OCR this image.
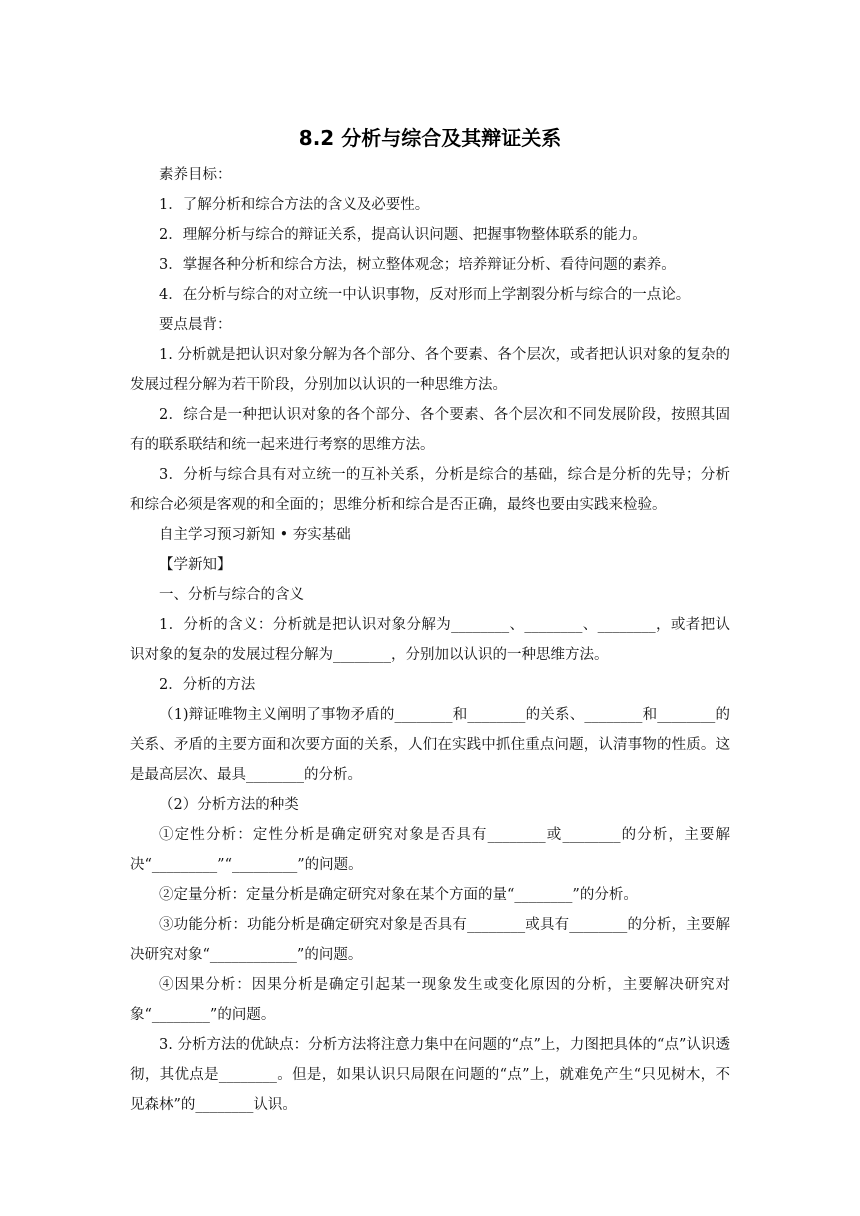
8.2 分析与综合及其辩证关系

素养目标：

1．了解分析和综合方法的含义及必要性。

2．理解分析与综合的辩证关系，提高认识问题、把握事物整体联系的能力。

3．掌握各种分析和综合方法，树立整体观念；培养辩证分析、看待问题的素养。

4．在分析与综合的对立统一中认识事物，反对形而上学割裂分析与综合的一点论。

要点晨背：

1. 分析就是把认识对象分解为各个部分、各个要素、各个层次，或者把认识对象的复杂的发展过程分解为若干阶段，分别加以认识的一种思维方法。

2．综合是一种把认识对象的各个部分、各个要素、各个层次和不同发展阶段，按照其固有的联系联结和统一起来进行考察的思维方法。

3．分析与综合具有对立统一的互补关系，分析是综合的基础，综合是分析的先导；分析和综合必须是客观的和全面的；思维分析和综合是否正确，最终也要由实践来检验。

自主学习预习新知 • 夯实基础

【学新知】

一、分析与综合的含义

1．分析的含义：分析就是把认识对象分解为________、________、________，或者把认识对象的复杂的发展过程分解为________，分别加以认识的一种思维方法。

2．分析的方法

（1)辩证唯物主义阐明了事物矛盾的________和________的关系、________和________的关系、矛盾的主要方面和次要方面的关系，人们在实践中抓住重点问题，认清事物的性质。这是最高层次、最具________的分析。

（2）分析方法的种类

①定性分析：定性分析是确定研究对象是否具有________或________的分析，主要解决“_________”“_________”的问题。

②定量分析：定量分析是确定研究对象在某个方面的量“________”的分析。

③功能分析：功能分析是确定研究对象是否具有________或具有________的分析，主要解决研究对象“____________”的问题。

④因果分析：因果分析是确定引起某一现象发生或变化原因的分析，主要解决研究对象“________”的问题。

3. 分析方法的优缺点：分析方法将注意力集中在问题的“点”上，力图把具体的“点”认识透彻，其优点是________。但是，如果认识只局限在问题的“点”上，就难免产生“只见树木，不见森林”的________认识。
